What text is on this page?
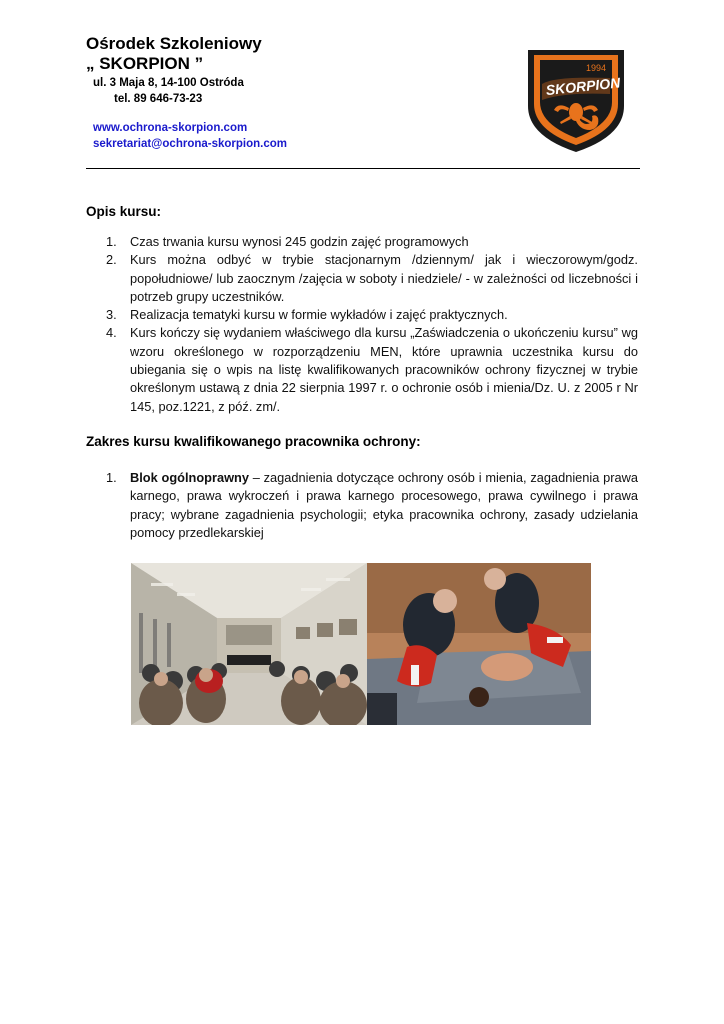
Ośrodek Szkoleniowy
„ SKORPION ”
ul. 3 Maja 8, 14-100 Ostróda
tel. 89 646-73-23
www.ochrona-skorpion.com
sekretariat@ochrona-skorpion.com
1994
SKORPION
Opis kursu:
1. Czas trwania kursu wynosi 245 godzin zajęć programowych
2. Kurs można odbyć w trybie stacjonarnym /dziennym/ jak i wieczorowym/godz. popołudniowe/ lub zaocznym /zajęcia w soboty i niedziele/ - w zależności od liczebności i potrzeb grupy uczestników.
3. Realizacja tematyki kursu w formie wykładów i zajęć praktycznych.
4. Kurs kończy się wydaniem właściwego dla kursu „Zaświadczenia o ukończeniu kursu” wg wzoru określonego w rozporządzeniu MEN, które uprawnia uczestnika kursu do ubiegania się o wpis na listę kwalifikowanych pracowników ochrony fizycznej w trybie określonym ustawą z dnia 22 sierpnia 1997 r. o ochronie osób i mienia/Dz. U. z 2005 r Nr 145, poz.1221, z póź. zm/.
Zakres kursu kwalifikowanego pracownika ochrony:
1. Blok ogólnoprawny – zagadnienia dotyczące ochrony osób i mienia, zagadnienia prawa karnego, prawa wykroczeń i prawa karnego procesowego, prawa cywilnego i prawa pracy; wybrane zagadnienia psychologii; etyka pracownika ochrony, zasady udzielania pomocy przedlekarskiej
